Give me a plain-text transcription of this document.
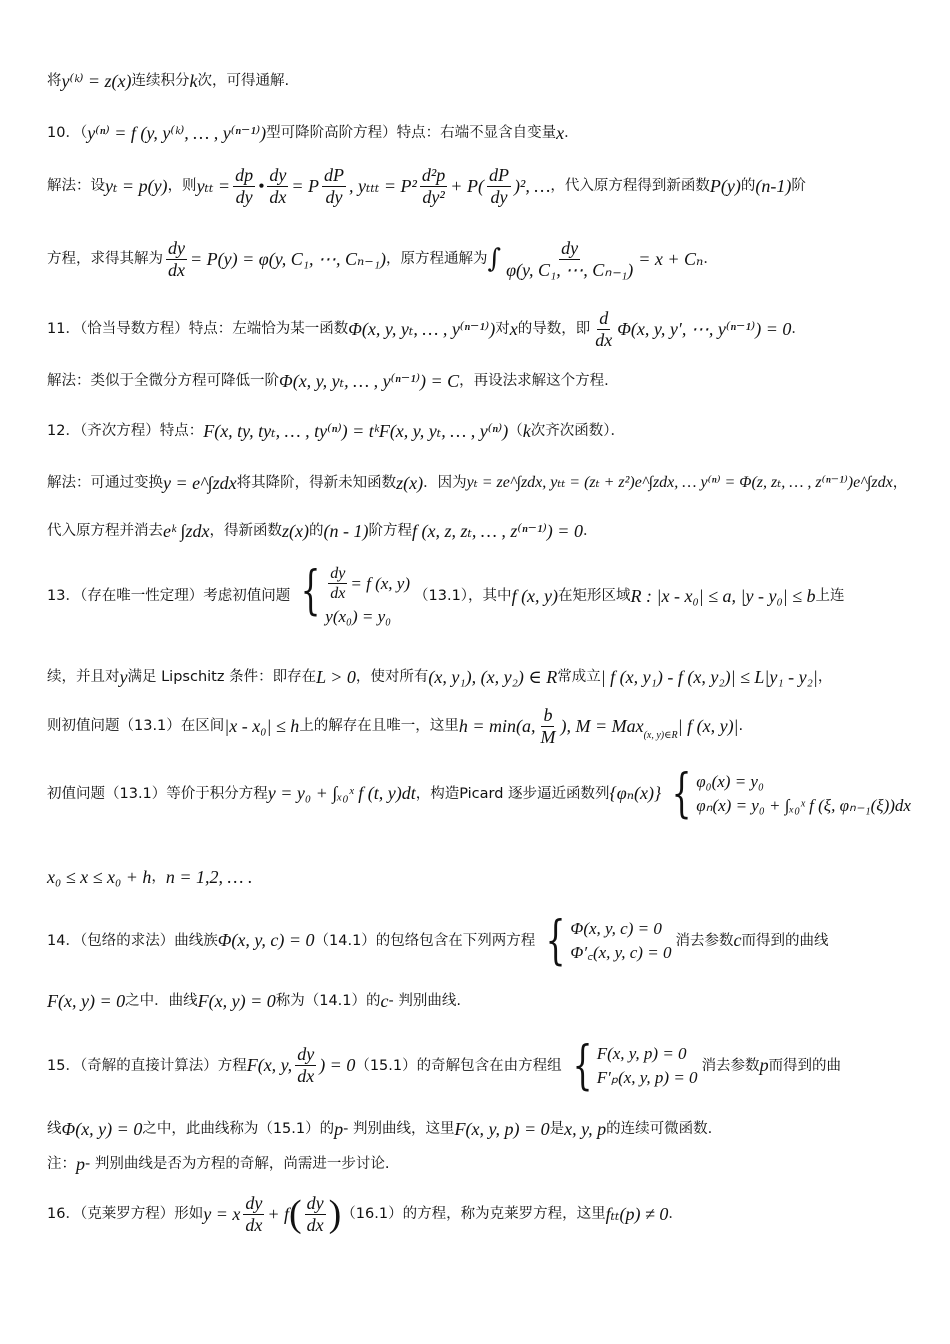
将 y⁽ᵏ⁾ = z(x) 连续积分 k 次，可得通解.
10．（ y⁽ⁿ⁾ = f (y, y⁽ᵏ⁾, … , y⁽ⁿ⁻¹⁾) 型可降阶高阶方程）特点：右端不显含自变量 x ．
解法：设 yₜ = p(y) ，则 $y_{tt} = \frac{dp}{dy}$ • $\frac{dy}{dx} = P \frac{dP}{dy}$ , $y_{ttt} = P^2 \frac{\text{d²p}}{\text{dy²}} + P( \frac{dP}{dy} )^2$, … ，代入原方程得到新函数 P(y) 的 (n-1) 阶
方程，求得其解为 $\frac{dy}{dx} = P(y) = \varphi(y$, C₁, ⋯, Cₙ₋₁) ，原方程通解为 ∫ $\frac{dy}{\text{φ(y, C₁, ⋯, Cₙ₋₁)}} = x + C_n$ ．
11．（恰当导数方程）特点：左端恰为某一函数 Φ(x, y, yₜ, … , y⁽ⁿ⁻¹⁾) 对 x 的导数，即 $\frac{d}{dx} \Phi(x$, y, y′, ⋯, y⁽ⁿ⁻¹⁾) = 0 ．
解法：类似于全微分方程可降低一阶 Φ(x, y, yₜ, … , y⁽ⁿ⁻¹⁾) = C ，再设法求解这个方程.
12．（齐次方程）特点： F(x, ty, tyₜ, … , ty⁽ⁿ⁾) = tᵏF(x, y, yₜ, … , y⁽ⁿ⁾) （ k 次齐次函数）．
解法：可通过变换 y = e^∫zdx 将其降阶，得新未知函数 z(x) ．因为 yₜ = ze^∫zdx, yₜₜ = (zₜ + z²)e^∫zdx, … y⁽ⁿ⁾ = Φ(z, zₜ, … , z⁽ⁿ⁻¹⁾)e^∫zdx ，
代入原方程并消去 eᵏ ∫zdx ，得新函数 z(x) 的 (n - 1) 阶方程 f (x, z, zₜ, … , z⁽ⁿ⁻¹⁾) = 0 ．
13．（存在唯一性定理）考虑初值问题 { $\frac{dy}{dx} = f$ (x, y)
y(x₀) = y₀
（13.1），其中 f (x, y) 在矩形区域 R : |x - x₀| ≤ a, |y - y₀| ≤ b 上连
续，并且对 y 满足 Lipschitz 条件：即存在 L > 0 ，使对所有 (x, y₁), (x, y₂) ∈ R 常成立 | f (x, y₁) - f (x, y₂)| ≤ L|y₁ - y₂| ，
则初值问题（13.1）在区间 |x - x₀| ≤ h 上的解存在且唯一，这里 h = min(a, $\frac{b}{M}$ ), M = Max (x, y)∈R | f (x, y)| .
初值问题（13.1）等价于积分方程 y = y₀ + ∫ₓ₀ˣ f (t, y)dt ，构造Picard 逐步逼近函数列 {φₙ(x)} { φ₀(x) = y₀
φₙ(x) = y₀ + ∫ₓ₀ˣ f (ξ, φₙ₋₁(ξ))dx
x₀ ≤ x ≤ x₀ + h ， n = 1,2, … .
14．（包络的求法）曲线族 Φ(x, y, c) = 0 （14.1）的包络包含在下列两方程 { Φ(x, y, c) = 0
Φ′꜀(x, y, c) = 0
消去参数 c 而得到的曲线
F(x, y) = 0 之中．曲线 F(x, y) = 0 称为（14.1）的 c - 判别曲线.
15．（奇解的直接计算法）方程 F(x, y, $\frac{dy}{dx}$ ) = 0 （15.1）的奇解包含在由方程组 { F(x, y, p) = 0
F′ₚ(x, y, p) = 0
消去参数 p 而得到的曲
线 Φ(x, y) = 0 之中，此曲线称为（15.1）的 p - 判别曲线，这里 F(x, y, p) = 0 是 x, y, p 的连续可微函数.
注： p - 判别曲线是否为方程的奇解，尚需进一步讨论.
16．（克莱罗方程）形如 y = x $\frac{dy}{dx} + f$ ( $\frac{dy}{dx}$ ) （16.1）的方程，称为克莱罗方程，这里 fₜₜ(p) ≠ 0 ．
